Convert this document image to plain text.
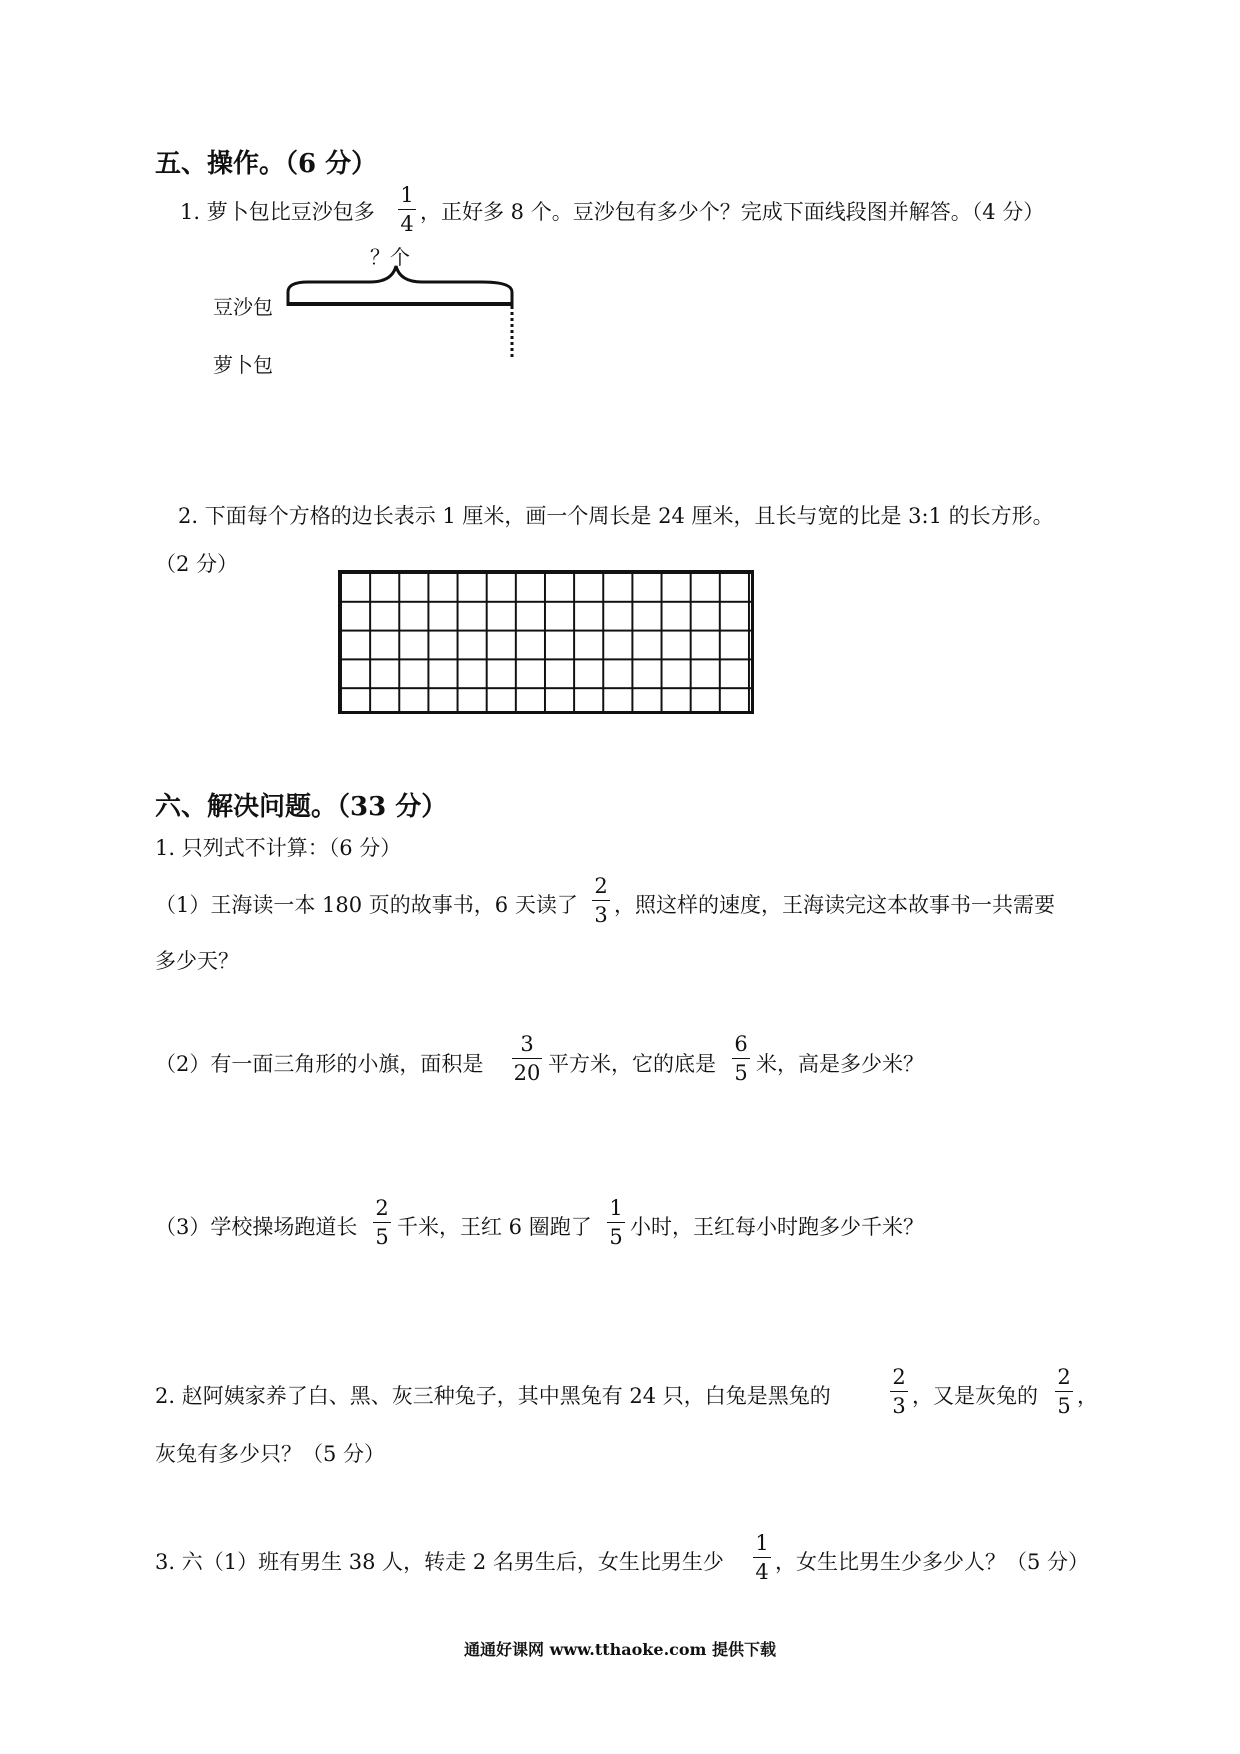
五、操作。（6 分）
1. 萝卜包比豆沙包多
1
4 ，正好多 8 个。豆沙包有多少个？完成下面线段图并解答。（4 分）
？个
豆沙包
萝卜包
2. 下面每个方格的边长表示 1 厘米，画一个周长是 24 厘米，且长与宽的比是 3:1 的长方形。
（2 分）
六、解决问题。（33 分）
1. 只列式不计算：（6 分）
（1）王海读一本 180 页的故事书，6 天读了
2
3 ，照这样的速度，王海读完这本故事书一共需要
多少天？
（2）有一面三角形的小旗，面积是
3
20 平方米，它的底是
6
5 米，高是多少米？
（3）学校操场跑道长
2
5 千米，王红 6 圈跑了
1
5 小时，王红每小时跑多少千米？
2. 赵阿姨家养了白、黑、灰三种兔子，其中黑兔有 24 只，白兔是黑兔的
2
3 ，又是灰兔的
2
5 ，
灰兔有多少只？（5 分）
3. 六（1）班有男生 38 人，转走 2 名男生后，女生比男生少
1
4 ，女生比男生少多少人？（5 分）
通通好课网 www.tthaoke.com 提供下载
